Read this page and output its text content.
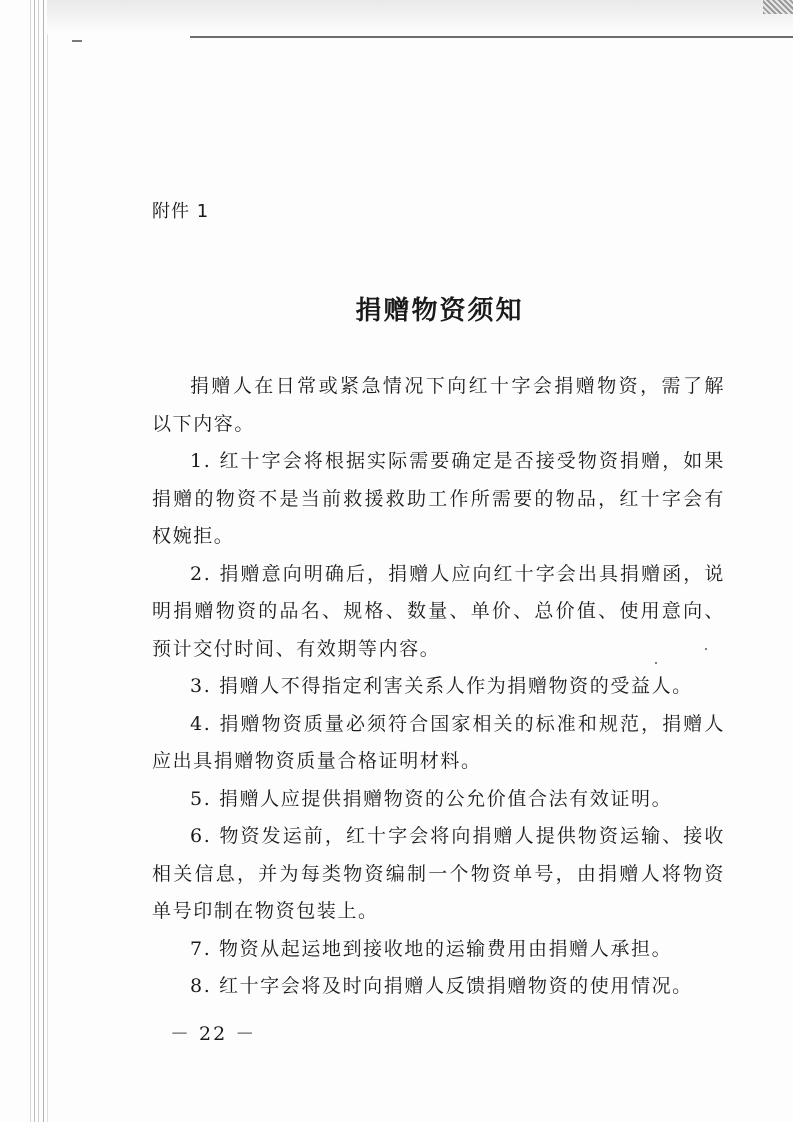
附件 1
捐赠物资须知

捐赠人在日常或紧急情况下向红十字会捐赠物资，需了解以下内容。

1. 红十字会将根据实际需要确定是否接受物资捐赠，如果捐赠的物资不是当前救援救助工作所需要的物品，红十字会有权婉拒。

2. 捐赠意向明确后，捐赠人应向红十字会出具捐赠函，说明捐赠物资的品名、规格、数量、单价、总价值、使用意向、预计交付时间、有效期等内容。

3. 捐赠人不得指定利害关系人作为捐赠物资的受益人。

4. 捐赠物资质量必须符合国家相关的标准和规范，捐赠人应出具捐赠物资质量合格证明材料。

5. 捐赠人应提供捐赠物资的公允价值合法有效证明。

6. 物资发运前，红十字会将向捐赠人提供物资运输、接收相关信息，并为每类物资编制一个物资单号，由捐赠人将物资单号印制在物资包装上。

7. 物资从起运地到接收地的运输费用由捐赠人承担。

8. 红十字会将及时向捐赠人反馈捐赠物资的使用情况。

－ 22 －
